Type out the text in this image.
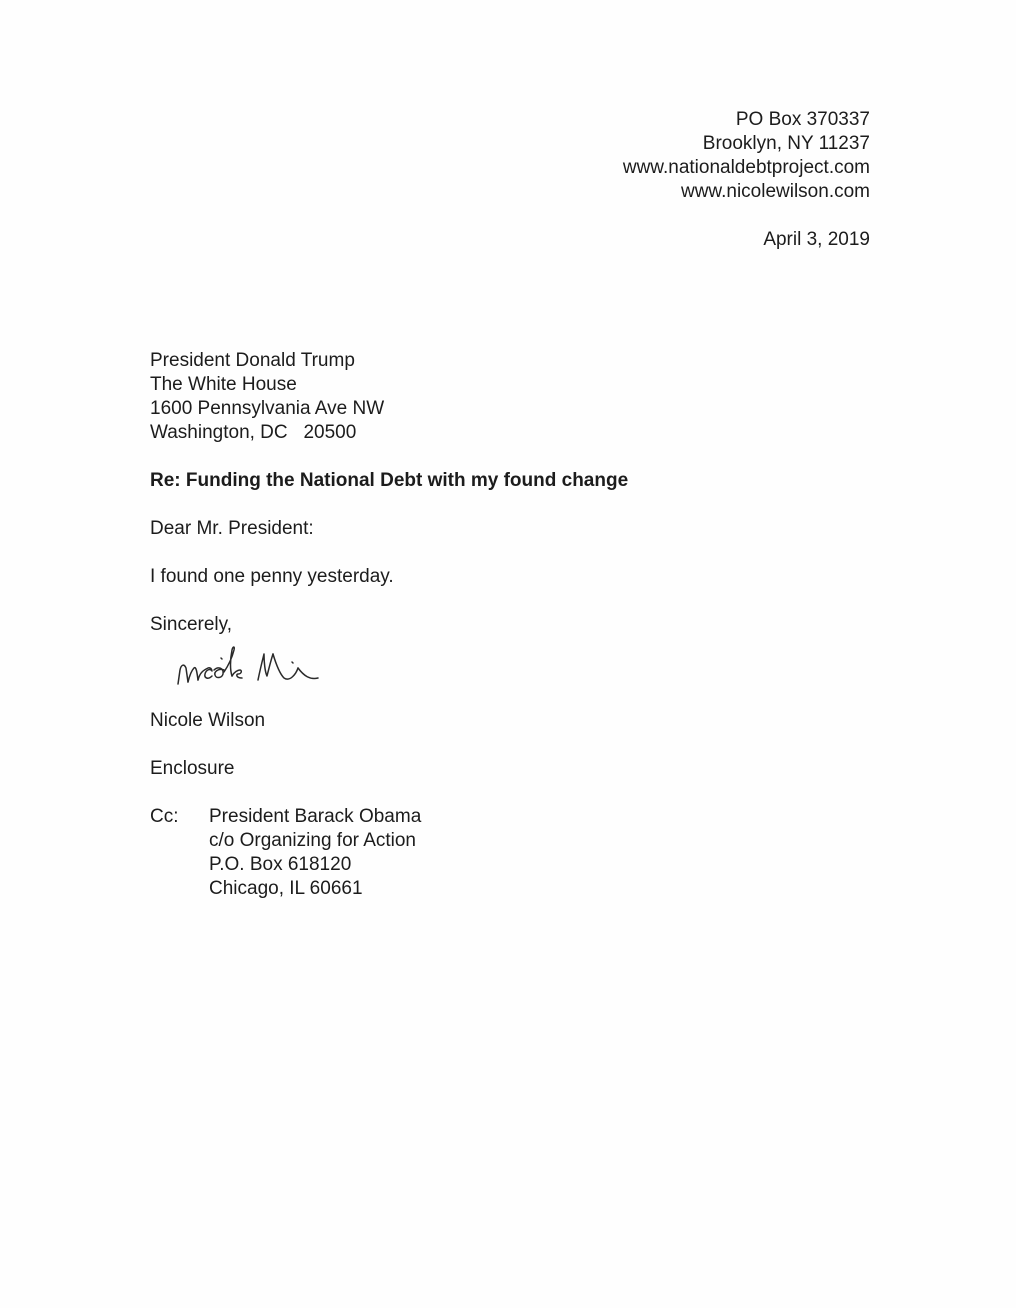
PO Box 370337
Brooklyn, NY 11237
www.nationaldebtproject.com
www.nicolewilson.com
April 3, 2019
President Donald Trump
The White House
1600 Pennsylvania Ave NW
Washington, DC   20500
Re: Funding the National Debt with my found change
Dear Mr. President:
I found one penny yesterday.
Sincerely,
Nicole Wilson
Enclosure
Cc: President Barack Obama
c/o Organizing for Action
P.O. Box 618120
Chicago, IL 60661
